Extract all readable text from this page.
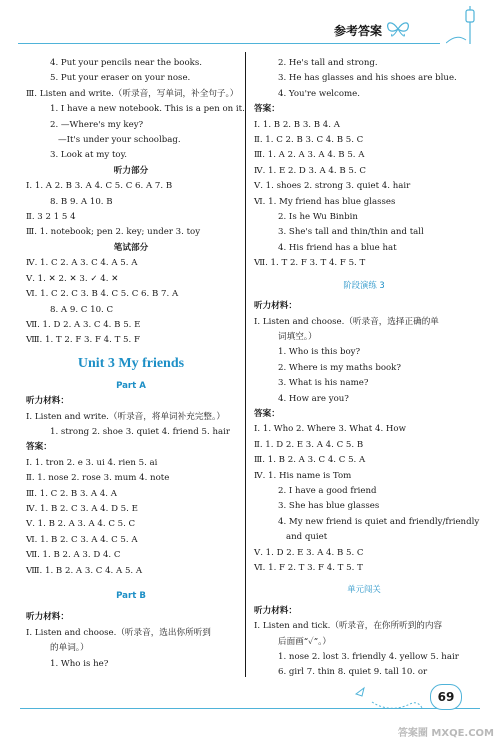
参考答案
4. Put your pencils near the books.
5. Put your eraser on your nose.
Ⅲ. Listen and write.（听录音，写单词，补全句子。）
1. I have a new notebook. This is a pen on it.
2. —Where's my key?
—It's under your schoolbag.
3. Look at my toy.
听力部分
Ⅰ. 1. A 2. B 3. A 4. C 5. C 6. A 7. B
8. B 9. A 10. B
Ⅱ. 3 2 1 5 4
Ⅲ. 1. notebook; pen 2. key; under 3. toy
笔试部分
Ⅳ. 1. C 2. A 3. C 4. A 5. A
Ⅴ. 1. ✕ 2. ✕ 3. ✓ 4. ✕
Ⅵ. 1. C 2. C 3. B 4. C 5. C 6. B 7. A
8. A 9. C 10. C
Ⅶ. 1. D 2. A 3. C 4. B 5. E
Ⅷ. 1. T 2. F 3. F 4. T 5. F
Unit 3 My friends
Part A
听力材料：
Ⅰ. Listen and write.（听录音，将单词补充完整。）
1. strong 2. shoe 3. quiet 4. friend 5. hair
答案：
Ⅰ. 1. tron 2. e 3. ui 4. rien 5. ai
Ⅱ. 1. nose 2. rose 3. mum 4. note
Ⅲ. 1. C 2. B 3. A 4. A
Ⅳ. 1. B 2. C 3. A 4. D 5. E
Ⅴ. 1. B 2. A 3. A 4. C 5. C
Ⅵ. 1. B 2. C 3. A 4. C 5. A
Ⅶ. 1. B 2. A 3. D 4. C
Ⅷ. 1. B 2. A 3. C 4. A 5. A
Part B
听力材料：
Ⅰ. Listen and choose.（听录音，选出你所听到
的单词。）
1. Who is he?
2. He's tall and strong.
3. He has glasses and his shoes are blue.
4. You're welcome.
答案：
Ⅰ. 1. B 2. B 3. B 4. A
Ⅱ. 1. C 2. B 3. C 4. B 5. C
Ⅲ. 1. A 2. A 3. A 4. B 5. A
Ⅳ. 1. E 2. D 3. A 4. B 5. C
Ⅴ. 1. shoes 2. strong 3. quiet 4. hair
Ⅵ. 1. My friend has blue glasses
2. Is he Wu Binbin
3. She's tall and thin/thin and tall
4. His friend has a blue hat
Ⅶ. 1. T 2. F 3. T 4. F 5. T
阶段演练 3
听力材料：
Ⅰ. Listen and choose.（听录音，选择正确的单
词填空。）
1. Who is this boy?
2. Where is my maths book?
3. What is his name?
4. How are you?
答案：
Ⅰ. 1. Who 2. Where 3. What 4. How
Ⅱ. 1. D 2. E 3. A 4. C 5. B
Ⅲ. 1. B 2. A 3. C 4. C 5. A
Ⅳ. 1. His name is Tom
2. I have a good friend
3. She has blue glasses
4. My new friend is quiet and friendly/friendly
and quiet
Ⅴ. 1. D 2. E 3. A 4. B 5. C
Ⅵ. 1. F 2. T 3. F 4. T 5. T
单元闯关
听力材料：
Ⅰ. Listen and tick.（听录音，在你所听到的内容
后面画“✓”。）
1. nose 2. lost 3. friendly 4. yellow 5. hair
6. girl 7. thin 8. quiet 9. tall 10. or
69
答案圈 MXQE.COM
